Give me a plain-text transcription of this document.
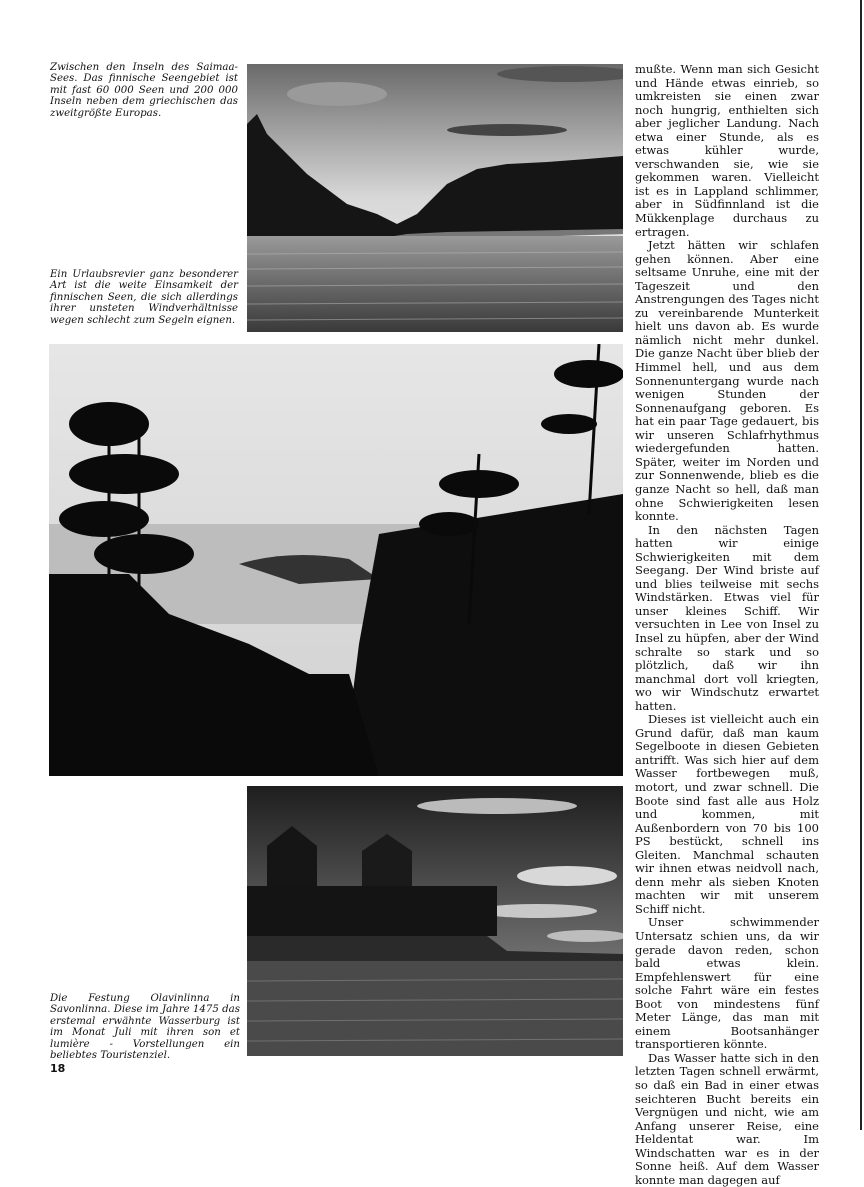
Zwischen den Inseln des Saimaa-Sees. Das finnische Seengebiet ist mit fast 60 000 Seen und 200 000 Inseln neben dem griechischen das zweitgrößte Europas.

Ein Urlaubsrevier ganz besonderer Art ist die weite Einsamkeit der finnischen Seen, die sich allerdings ihrer unsteten Windverhältnisse wegen schlecht zum Segeln eignen.

Die Festung Olavinlinna in Savonlinna. Diese im Jahre 1475 das erstemal erwähnte Wasserburg ist im Monat Juli mit ihren son et lumière - Vorstellungen ein beliebtes Touristenziel.

mußte. Wenn man sich Gesicht und Hände etwas einrieb, so umkreisten sie einen zwar noch hungrig, enthielten sich aber jeglicher Landung. Nach etwa einer Stunde, als es etwas kühler wurde, verschwanden sie, wie sie gekommen waren. Vielleicht ist es in Lappland schlimmer, aber in Südfinnland ist die Mükkenplage durchaus zu ertragen.

Jetzt hätten wir schlafen gehen können. Aber eine seltsame Unruhe, eine mit der Tageszeit und den Anstrengungen des Tages nicht zu vereinbarende Munterkeit hielt uns davon ab. Es wurde nämlich nicht mehr dunkel. Die ganze Nacht über blieb der Himmel hell, und aus dem Sonnenuntergang wurde nach wenigen Stunden der Sonnenaufgang geboren. Es hat ein paar Tage gedauert, bis wir unseren Schlafrhythmus wiedergefunden hatten. Später, weiter im Norden und zur Sonnenwende, blieb es die ganze Nacht so hell, daß man ohne Schwierigkeiten lesen konnte.

In den nächsten Tagen hatten wir einige Schwierigkeiten mit dem Seegang. Der Wind briste auf und blies teilweise mit sechs Windstärken. Etwas viel für unser kleines Schiff. Wir versuchten in Lee von Insel zu Insel zu hüpfen, aber der Wind schralte so stark und so plötzlich, daß wir ihn manchmal dort voll kriegten, wo wir Windschutz erwartet hatten.

Dieses ist vielleicht auch ein Grund dafür, daß man kaum Segelboote in diesen Gebieten antrifft. Was sich hier auf dem Wasser fortbewegen muß, motort, und zwar schnell. Die Boote sind fast alle aus Holz und kommen, mit Außenbordern von 70 bis 100 PS bestückt, schnell ins Gleiten. Manchmal schauten wir ihnen etwas neidvoll nach, denn mehr als sieben Knoten machten wir mit unserem Schiff nicht.

Unser schwimmender Untersatz schien uns, da wir gerade davon reden, schon bald etwas klein. Empfehlenswert für eine solche Fahrt wäre ein festes Boot von mindestens fünf Meter Länge, das man mit einem Bootsanhänger transportieren könnte.

Das Wasser hatte sich in den letzten Tagen schnell erwärmt, so daß ein Bad in einer etwas seichteren Bucht bereits ein Vergnügen und nicht, wie am Anfang unserer Reise, eine Heldentat war. Im Windschatten war es in der Sonne heiß. Auf dem Wasser konnte man dagegen auf

18
